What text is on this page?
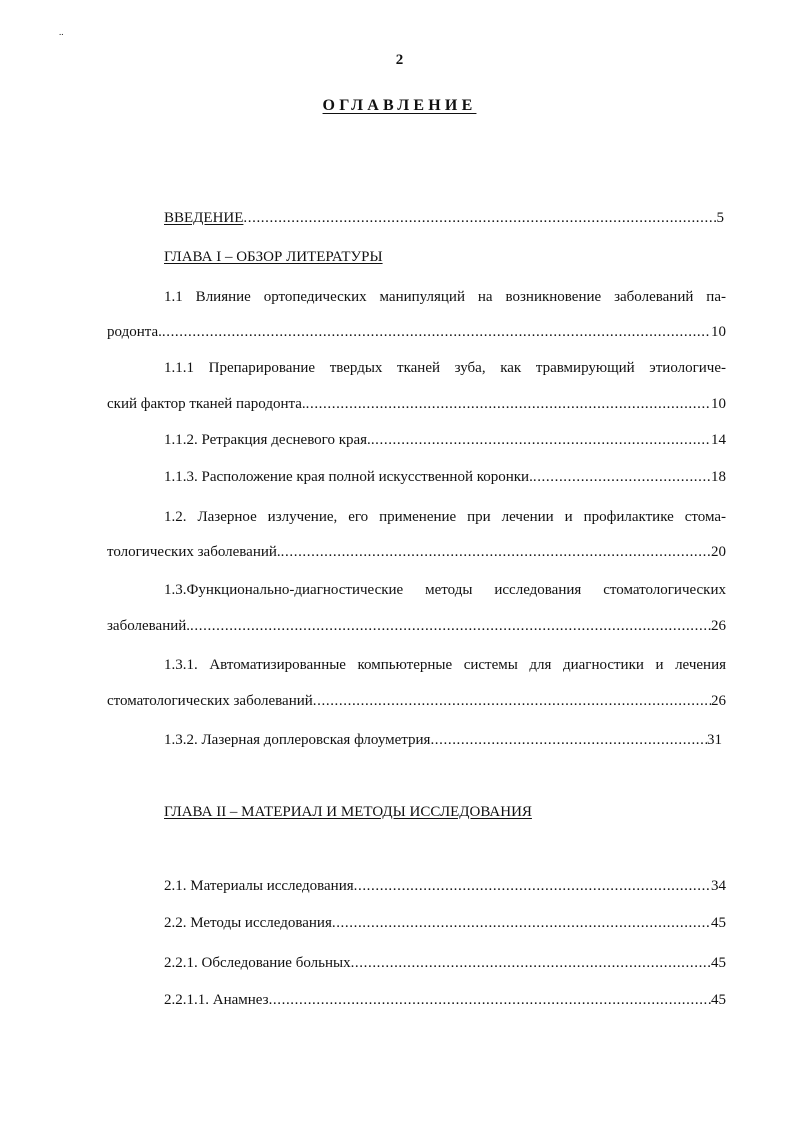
..
2
ОГЛАВЛЕНИЕ
ВВЕДЕНИЕ .....	5
ГЛАВА I – ОБЗОР ЛИТЕРАТУРЫ
1.1 Влияние ортопедических манипуляций на возникновение заболеваний па-
родонта. .....	10
1.1.1 Препарирование твердых тканей зуба, как травмирующий этиологиче-
ский фактор тканей пародонта. .....	10
1.1.2. Ретракция десневого края. .....	14
1.1.3. Расположение края полной искусственной коронки. .....	18
1.2. Лазерное излучение, его применение при лечении и профилактике стома-
тологических заболеваний. .....	20
1.3.Функционально-диагностические методы исследования стоматологических
заболеваний. .....	26
1.3.1. Автоматизированные компьютерные системы для диагностики и лечения
стоматологических заболеваний .....	26
1.3.2. Лазерная доплеровская флоуметрия .....	31
ГЛАВА II – МАТЕРИАЛ И МЕТОДЫ ИССЛЕДОВАНИЯ
2.1. Материалы исследования .....	34
2.2. Методы исследования .....	45
2.2.1. Обследование больных .....	45
2.2.1.1. Анамнез .....	45
